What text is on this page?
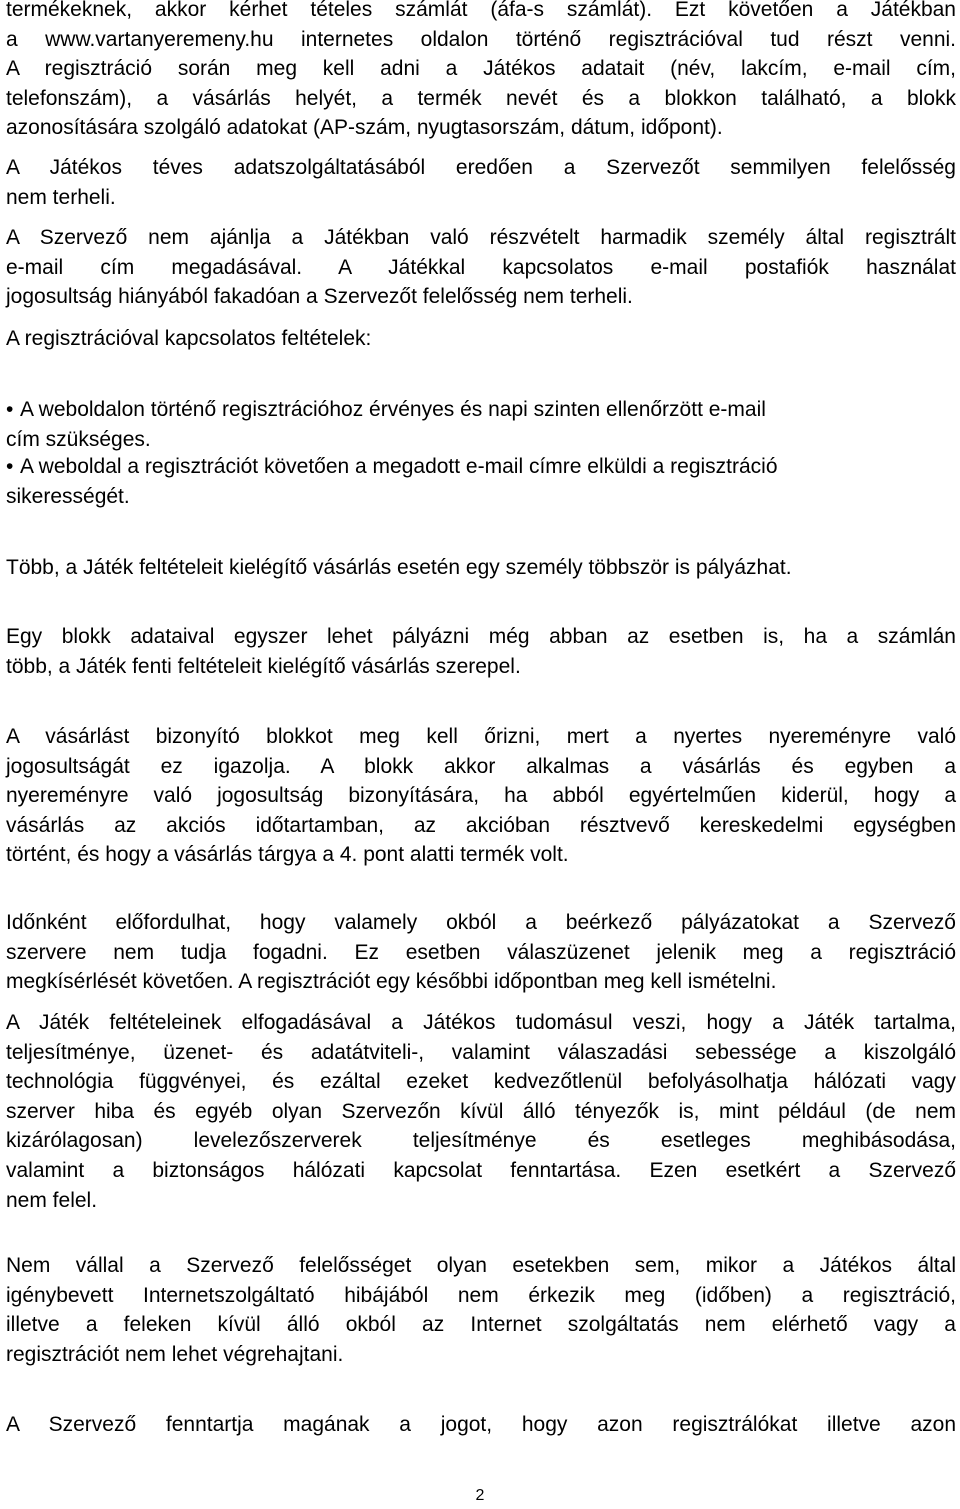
termékeknek, akkor kérhet tételes számlát (áfa-s számlát). Ezt követően a Játékban
a www.vartanyeremeny.hu internetes oldalon történő regisztrációval tud részt venni.
A regisztráció során meg kell adni a Játékos adatait (név, lakcím, e-mail cím,
telefonszám), a vásárlás helyét, a termék nevét és a blokkon található, a blokk
azonosítására szolgáló adatokat (AP-szám, nyugtasorszám, dátum, időpont).
A Játékos téves adatszolgáltatásából eredően a Szervezőt semmilyen felelősség
nem terheli.
A Szervező nem ajánlja a Játékban való részvételt harmadik személy által regisztrált
e-mail cím megadásával. A Játékkal kapcsolatos e-mail postafiók használat
jogosultság hiányából fakadóan a Szervezőt felelősség nem terheli.
A regisztrációval kapcsolatos feltételek:
• A weboldalon történő regisztrációhoz érvényes és napi szinten ellenőrzött e-mail
cím szükséges.
• A weboldal a regisztrációt követően a megadott e-mail címre elküldi a regisztráció
sikerességét.
Több, a Játék feltételeit kielégítő vásárlás esetén egy személy többször is pályázhat.
Egy blokk adataival egyszer lehet pályázni még abban az esetben is, ha a számlán
több, a Játék fenti feltételeit kielégítő vásárlás szerepel.
A vásárlást bizonyító blokkot meg kell őrizni, mert a nyertes nyereményre való
jogosultságát ez igazolja. A blokk akkor alkalmas a vásárlás és egyben a
nyereményre való jogosultság bizonyítására, ha abból egyértelműen kiderül, hogy a
vásárlás az akciós időtartamban, az akcióban résztvevő kereskedelmi egységben
történt, és hogy a vásárlás tárgya a 4. pont alatti termék volt.
Időnként előfordulhat, hogy valamely okból a beérkező pályázatokat a Szervező
szervere nem tudja fogadni. Ez esetben válaszüzenet jelenik meg a regisztráció
megkísérlését követően. A regisztrációt egy későbbi időpontban meg kell ismételni.
A Játék feltételeinek elfogadásával a Játékos tudomásul veszi, hogy a Játék tartalma,
teljesítménye, üzenet- és adatátviteli-, valamint válaszadási sebessége a kiszolgáló
technológia függvényei, és ezáltal ezeket kedvezőtlenül befolyásolhatja hálózati vagy
szerver hiba és egyéb olyan Szervezőn kívül álló tényezők is, mint például (de nem
kizárólagosan) levelezőszerverek teljesítménye és esetleges meghibásodása,
valamint a biztonságos hálózati kapcsolat fenntartása. Ezen esetkért a Szervező
nem felel.
Nem vállal a Szervező felelősséget olyan esetekben sem, mikor a Játékos által
igénybevett Internetszolgáltató hibájából nem érkezik meg (időben) a regisztráció,
illetve a feleken kívül álló okból az Internet szolgáltatás nem elérhető vagy a
regisztrációt nem lehet végrehajtani.
A Szervező fenntartja magának a jogot, hogy azon regisztrálókat illetve azon
2
